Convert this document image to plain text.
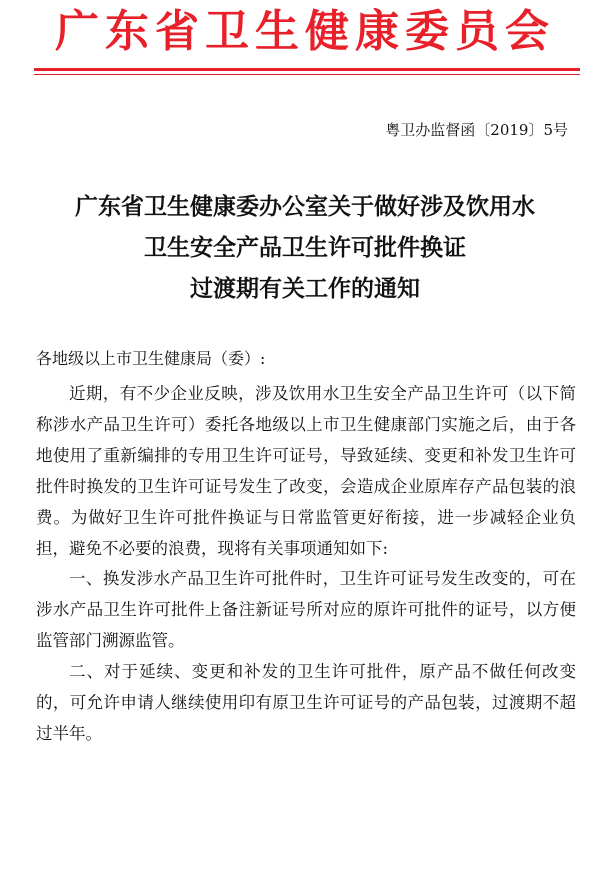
广东省卫生健康委员会
粤卫办监督函〔2019〕5号
广东省卫生健康委办公室关于做好涉及饮用水
卫生安全产品卫生许可批件换证
过渡期有关工作的通知
各地级以上市卫生健康局（委）:

近期，有不少企业反映，涉及饮用水卫生安全产品卫生许可（以下简称涉水产品卫生许可）委托各地级以上市卫生健康部门实施之后，由于各地使用了重新编排的专用卫生许可证号，导致延续、变更和补发卫生许可批件时换发的卫生许可证号发生了改变，会造成企业原库存产品包装的浪费。为做好卫生许可批件换证与日常监管更好衔接，进一步减轻企业负担，避免不必要的浪费，现将有关事项通知如下:

一、换发涉水产品卫生许可批件时，卫生许可证号发生改变的，可在涉水产品卫生许可批件上备注新证号所对应的原许可批件的证号，以方便监管部门溯源监管。

二、对于延续、变更和补发的卫生许可批件，原产品不做任何改变的，可允许申请人继续使用印有原卫生许可证号的产品包装，过渡期不超过半年。
